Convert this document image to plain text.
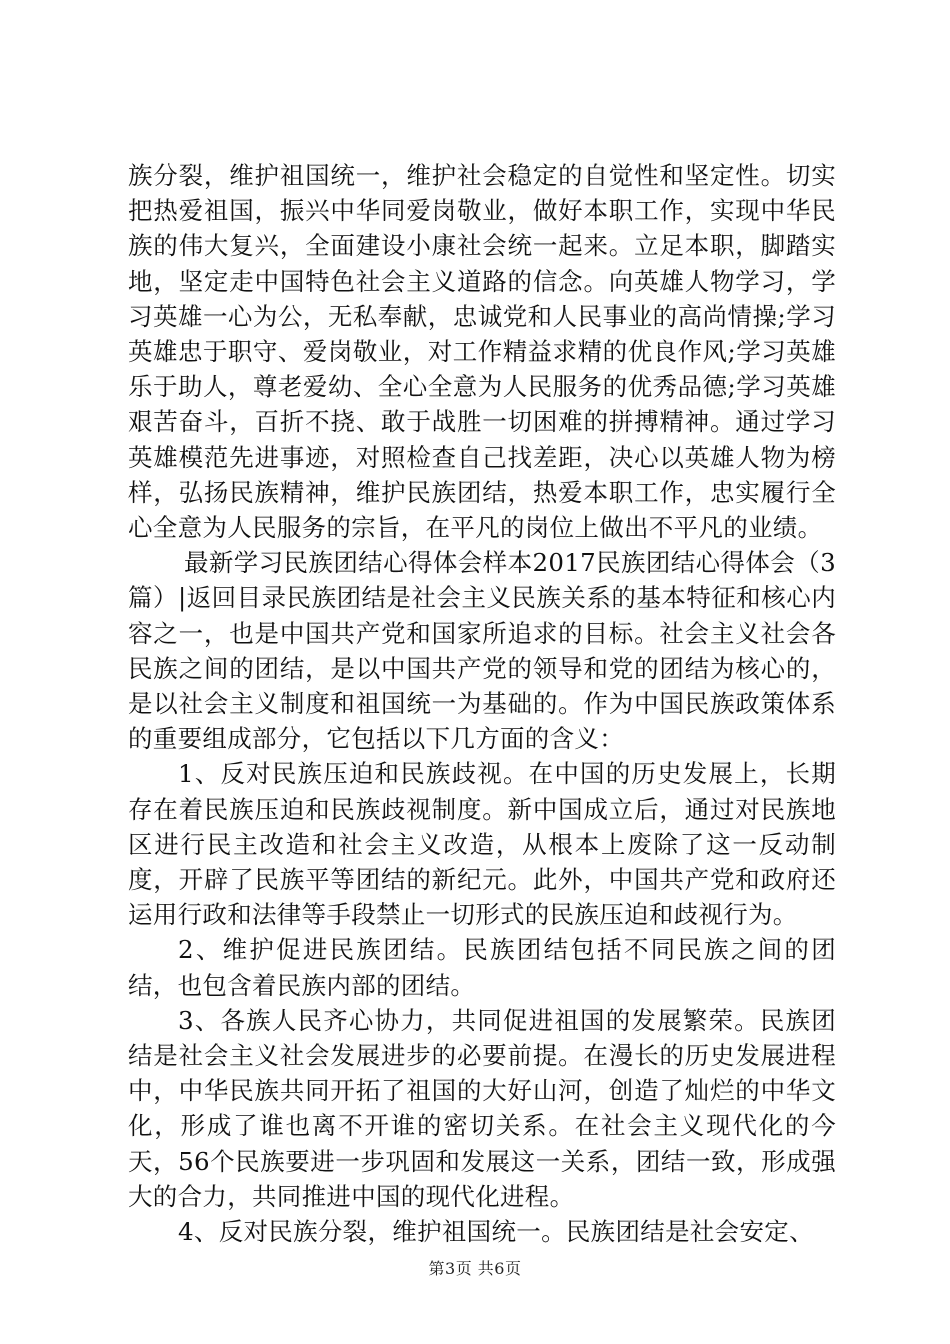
族分裂，维护祖国统一，维护社会稳定的自觉性和坚定性。切实把热爱祖国，振兴中华同爱岗敬业，做好本职工作，实现中华民族的伟大复兴，全面建设小康社会统一起来。立足本职，脚踏实地，坚定走中国特色社会主义道路的信念。向英雄人物学习，学习英雄一心为公，无私奉献，忠诚党和人民事业的高尚情操;学习英雄忠于职守、爱岗敬业，对工作精益求精的优良作风;学习英雄乐于助人，尊老爱幼、全心全意为人民服务的优秀品德;学习英雄艰苦奋斗，百折不挠、敢于战胜一切困难的拼搏精神。通过学习英雄模范先进事迹，对照检查自己找差距，决心以英雄人物为榜样，弘扬民族精神，维护民族团结，热爱本职工作，忠实履行全心全意为人民服务的宗旨，在平凡的岗位上做出不平凡的业绩。

最新学习民族团结心得体会样本2017民族团结心得体会（3篇）|返回目录民族团结是社会主义民族关系的基本特征和核心内容之一，也是中国共产党和国家所追求的目标。社会主义社会各民族之间的团结，是以中国共产党的领导和党的团结为核心的，是以社会主义制度和祖国统一为基础的。作为中国民族政策体系的重要组成部分，它包括以下几方面的含义：

1、反对民族压迫和民族歧视。在中国的历史发展上，长期存在着民族压迫和民族歧视制度。新中国成立后，通过对民族地区进行民主改造和社会主义改造，从根本上废除了这一反动制度，开辟了民族平等团结的新纪元。此外，中国共产党和政府还运用行政和法律等手段禁止一切形式的民族压迫和歧视行为。

2、维护促进民族团结。民族团结包括不同民族之间的团结，也包含着民族内部的团结。

3、各族人民齐心协力，共同促进祖国的发展繁荣。民族团结是社会主义社会发展进步的必要前提。在漫长的历史发展进程中，中华民族共同开拓了祖国的大好山河，创造了灿烂的中华文化，形成了谁也离不开谁的密切关系。在社会主义现代化的今天，56个民族要进一步巩固和发展这一关系，团结一致，形成强大的合力，共同推进中国的现代化进程。

4、反对民族分裂，维护祖国统一。民族团结是社会安定、

第3页 共6页
